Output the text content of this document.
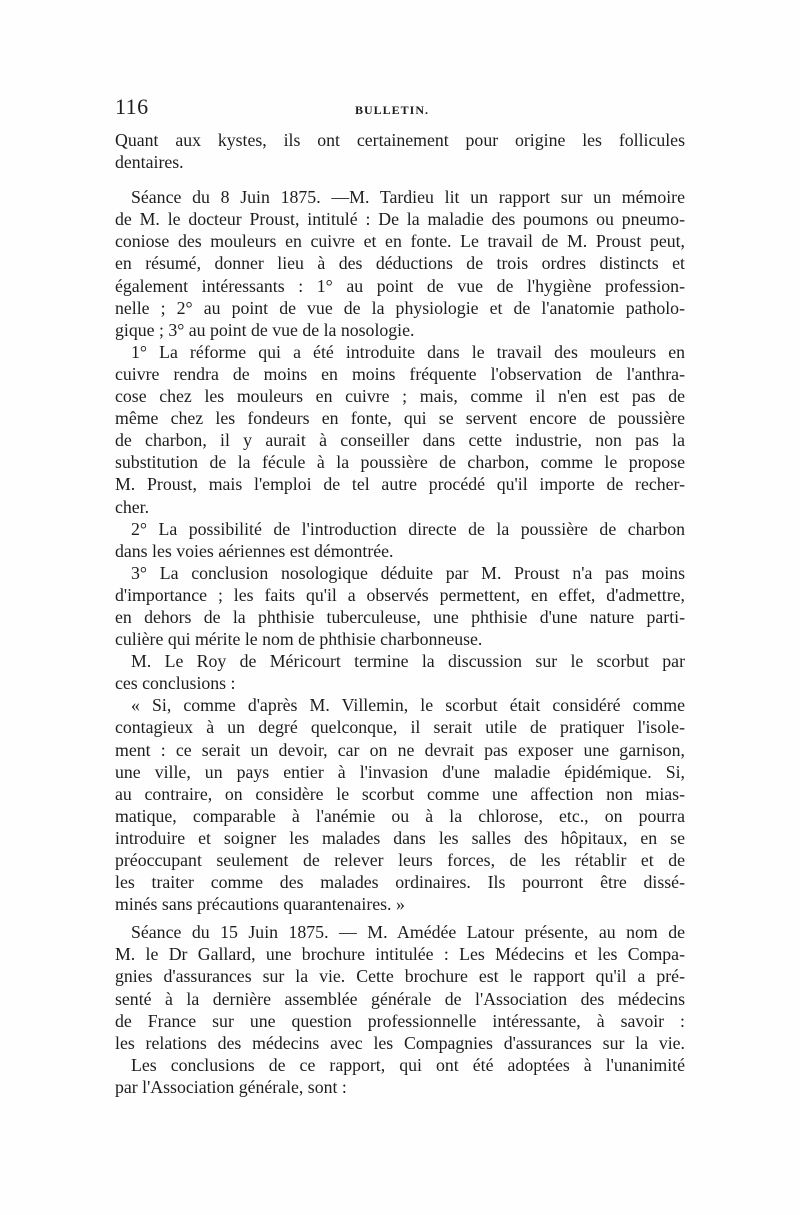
116	BULLETIN.
Quant aux kystes, ils ont certainement pour origine les follicules
dentaires.
Séance du 8 Juin 1875. —M. Tardieu lit un rapport sur un mémoire
de M. le docteur Proust, intitulé : De la maladie des poumons ou pneumo-
coniose des mouleurs en cuivre et en fonte. Le travail de M. Proust peut,
en résumé, donner lieu à des déductions de trois ordres distincts et
également intéressants : 1° au point de vue de l'hygiène profession-
nelle ; 2° au point de vue de la physiologie et de l'anatomie patholo-
gique ; 3° au point de vue de la nosologie.
1° La réforme qui a été introduite dans le travail des mouleurs en
cuivre rendra de moins en moins fréquente l'observation de l'anthra-
cose chez les mouleurs en cuivre ; mais, comme il n'en est pas de
même chez les fondeurs en fonte, qui se servent encore de poussière
de charbon, il y aurait à conseiller dans cette industrie, non pas la
substitution de la fécule à la poussière de charbon, comme le propose
M. Proust, mais l'emploi de tel autre procédé qu'il importe de recher-
cher.
2° La possibilité de l'introduction directe de la poussière de charbon
dans les voies aériennes est démontrée.
3° La conclusion nosologique déduite par M. Proust n'a pas moins
d'importance ; les faits qu'il a observés permettent, en effet, d'admettre,
en dehors de la phthisie tuberculeuse, une phthisie d'une nature parti-
culière qui mérite le nom de phthisie charbonneuse.
M. Le Roy de Méricourt termine la discussion sur le scorbut par
ces conclusions :
« Si, comme d'après M. Villemin, le scorbut était considéré comme
contagieux à un degré quelconque, il serait utile de pratiquer l'isole-
ment : ce serait un devoir, car on ne devrait pas exposer une garnison,
une ville, un pays entier à l'invasion d'une maladie épidémique. Si,
au contraire, on considère le scorbut comme une affection non mias-
matique, comparable à l'anémie ou à la chlorose, etc., on pourra
introduire et soigner les malades dans les salles des hôpitaux, en se
préoccupant seulement de relever leurs forces, de les rétablir et de
les traiter comme des malades ordinaires. Ils pourront être dissé-
minés sans précautions quarantenaires. »
Séance du 15 Juin 1875. — M. Amédée Latour présente, au nom de
M. le Dr Gallard, une brochure intitulée : Les Médecins et les Compa-
gnies d'assurances sur la vie. Cette brochure est le rapport qu'il a pré-
senté à la dernière assemblée générale de l'Association des médecins
de France sur une question professionnelle intéressante, à savoir :
les relations des médecins avec les Compagnies d'assurances sur la vie.
Les conclusions de ce rapport, qui ont été adoptées à l'unanimité
par l'Association générale, sont :
